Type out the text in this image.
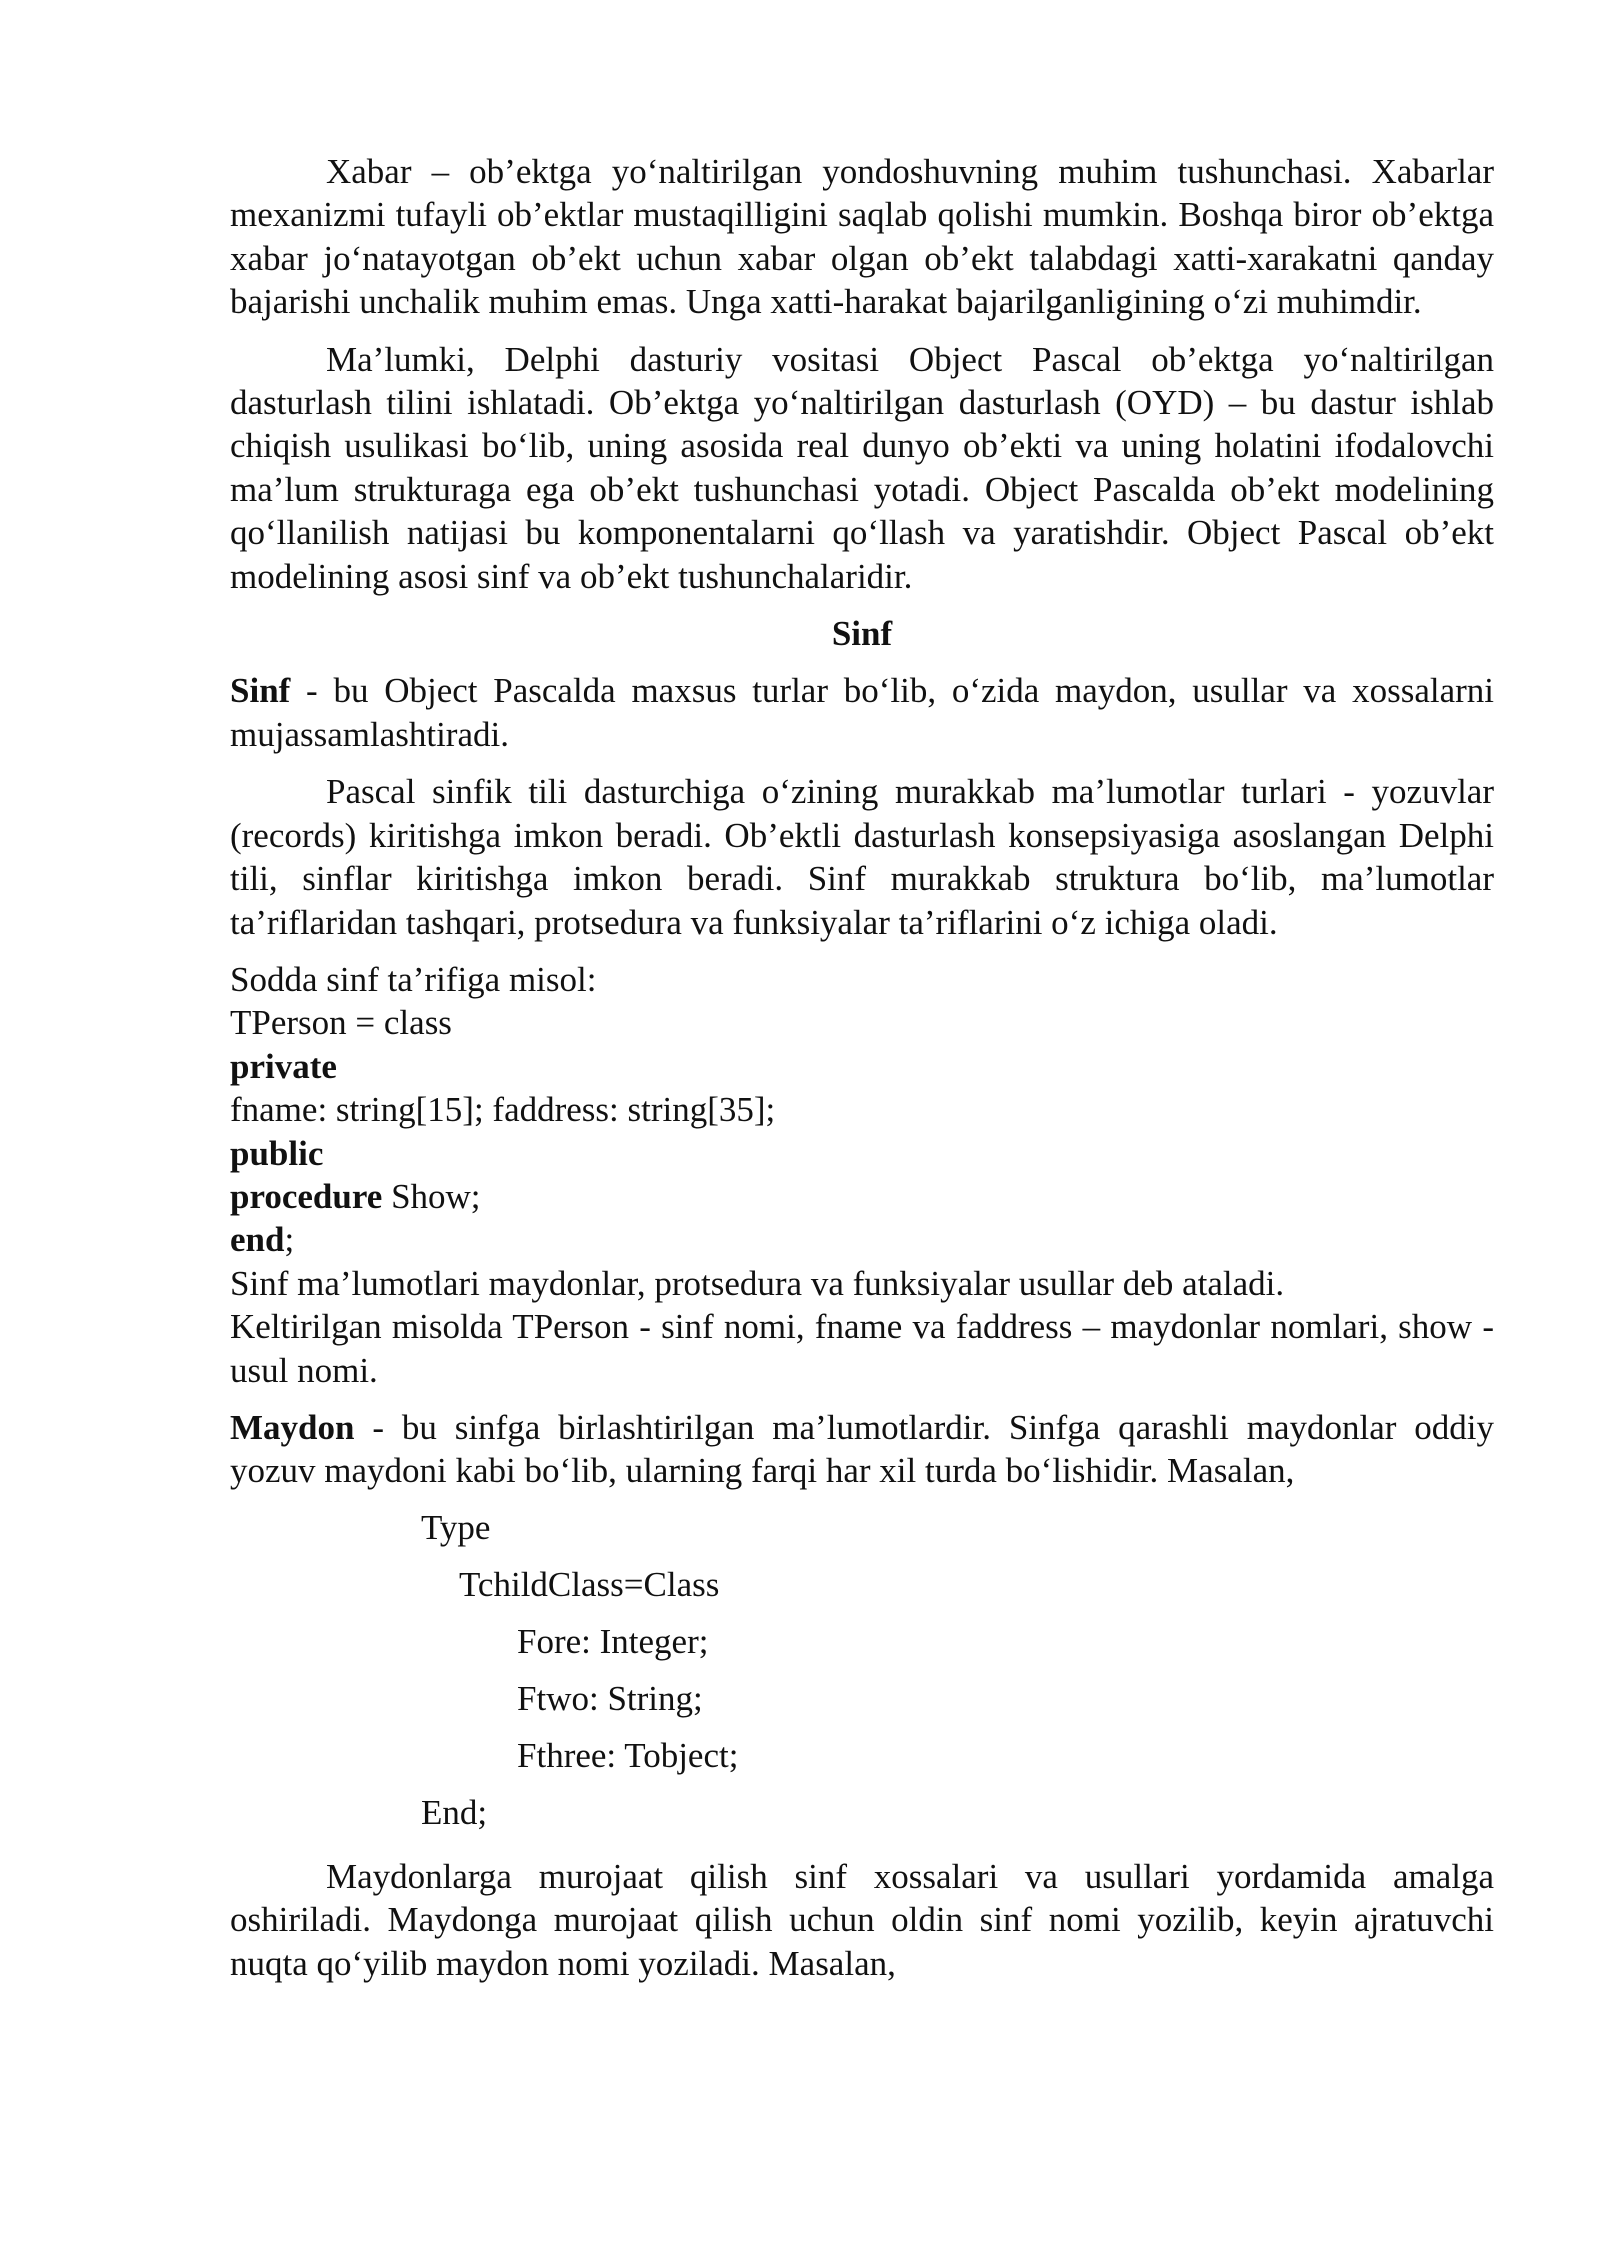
Xabar – ob’ektga yo‘naltirilgan yondoshuvning muhim tushunchasi. Xabarlar mexanizmi tufayli ob’ektlar mustaqilligini saqlab qolishi mumkin. Boshqa biror ob’ektga xabar jo‘natayotgan ob’ekt uchun xabar olgan ob’ekt talabdagi xatti-xarakatni qanday bajarishi unchalik muhim emas. Unga xatti-harakat bajarilganligining o‘zi muhimdir.

Ma’lumki, Delphi dasturiy vositasi Object Pascal ob’ektga yo‘naltirilgan dasturlash tilini ishlatadi. Ob’ektga yo‘naltirilgan dasturlash (OYD) – bu dastur ishlab chiqish usulikasi bo‘lib, uning asosida real dunyo ob’ekti va uning holatini ifodalovchi ma’lum strukturaga ega ob’ekt tushunchasi yotadi. Object Pascalda ob’ekt modelining qo‘llanilish natijasi bu komponentalarni qo‘llash va yaratishdir. Object Pascal ob’ekt modelining asosi sinf va ob’ekt tushunchalaridir.

Sinf

Sinf - bu Object Pascalda maxsus turlar bo‘lib, o‘zida maydon, usullar va xossalarni mujassamlashtiradi.

Pascal sinfik tili dasturchiga o‘zining murakkab ma’lumotlar turlari - yozuvlar (records) kiritishga imkon beradi. Ob’ektli dasturlash konsepsiyasiga asoslangan Delphi tili, sinflar kiritishga imkon beradi. Sinf murakkab struktura bo‘lib, ma’lumotlar ta’riflaridan tashqari, protsedura va funksiyalar ta’riflarini o‘z ichiga oladi.

Sodda sinf ta’rifiga misol:
TPerson = class
private
fname: string[15]; faddress: string[35];
public
procedure Show;
end;
Sinf ma’lumotlari maydonlar, protsedura va funksiyalar usullar deb ataladi.

Keltirilgan misolda TPerson - sinf nomi, fname va faddress – maydonlar nomlari, show - usul nomi.

Maydon - bu sinfga birlashtirilgan ma’lumotlardir. Sinfga qarashli maydonlar oddiy yozuv maydoni kabi bo‘lib, ularning farqi har xil turda bo‘lishidir. Masalan,

Type
TchildClass=Class
Fore: Integer;
Ftwo: String;
Fthree: Tobject;
End;

Maydonlarga murojaat qilish sinf xossalari va usullari yordamida amalga oshiriladi. Maydonga murojaat qilish uchun oldin sinf nomi yozilib, keyin ajratuvchi nuqta qo‘yilib maydon nomi yoziladi. Masalan,
